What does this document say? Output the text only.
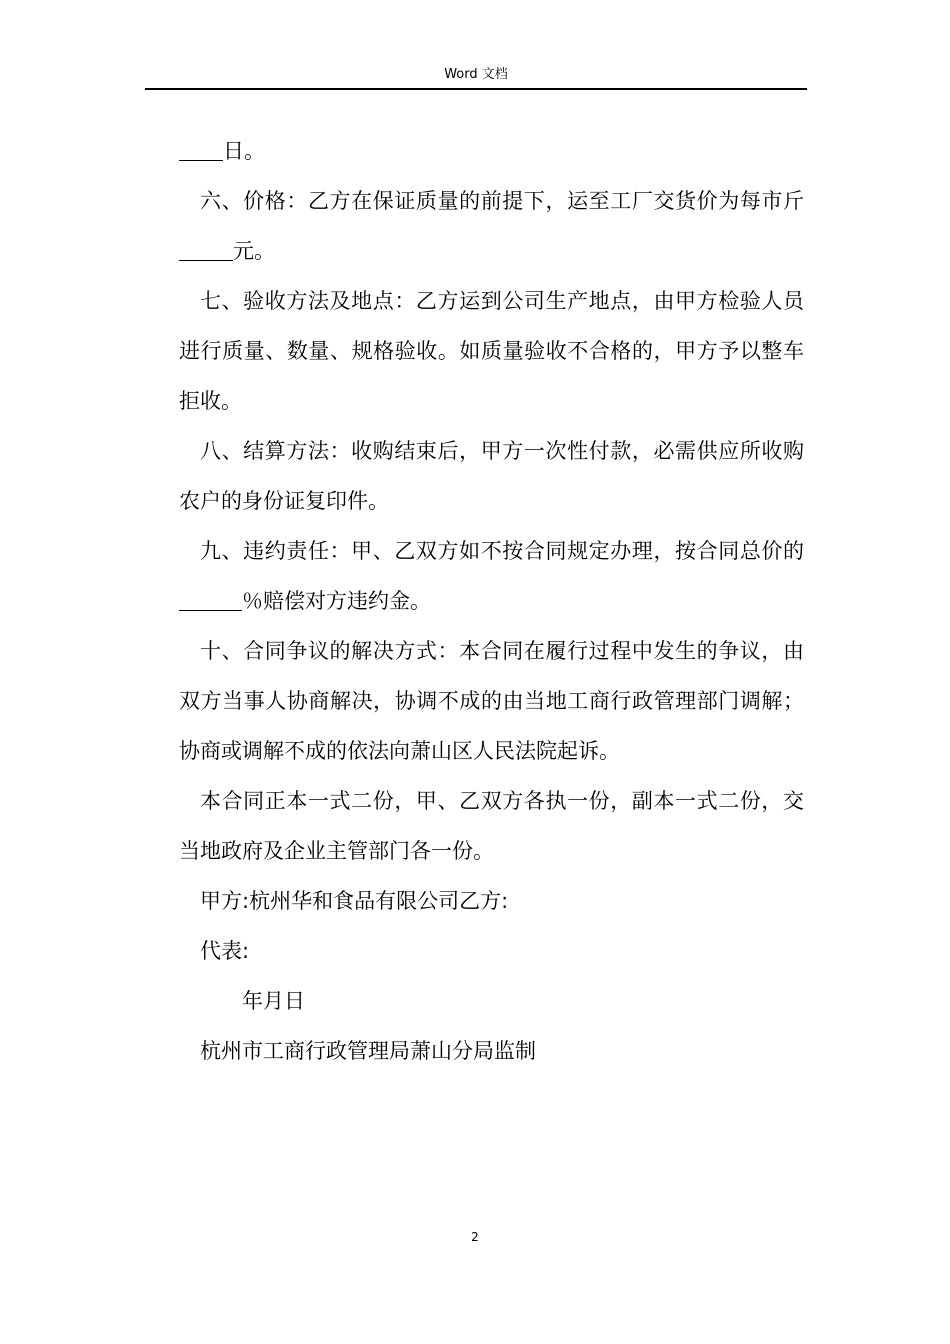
Word 文档

日。

六、价格：乙方在保证质量的前提下，运至工厂交货价为每市斤元。

七、验收方法及地点：乙方运到公司生产地点，由甲方检验人员进行质量、数量、规格验收。如质量验收不合格的，甲方予以整车拒收。

八、结算方法：收购结束后，甲方一次性付款，必需供应所收购农户的身份证复印件。

九、违约责任：甲、乙双方如不按合同规定办理，按合同总价的％赔偿对方违约金。

十、合同争议的解决方式：本合同在履行过程中发生的争议，由双方当事人协商解决，协调不成的由当地工商行政管理部门调解；协商或调解不成的依法向萧山区人民法院起诉。

本合同正本一式二份，甲、乙双方各执一份，副本一式二份，交当地政府及企业主管部门各一份。

甲方:杭州华和食品有限公司乙方:

代表:

年月日

杭州市工商行政管理局萧山分局监制

2
